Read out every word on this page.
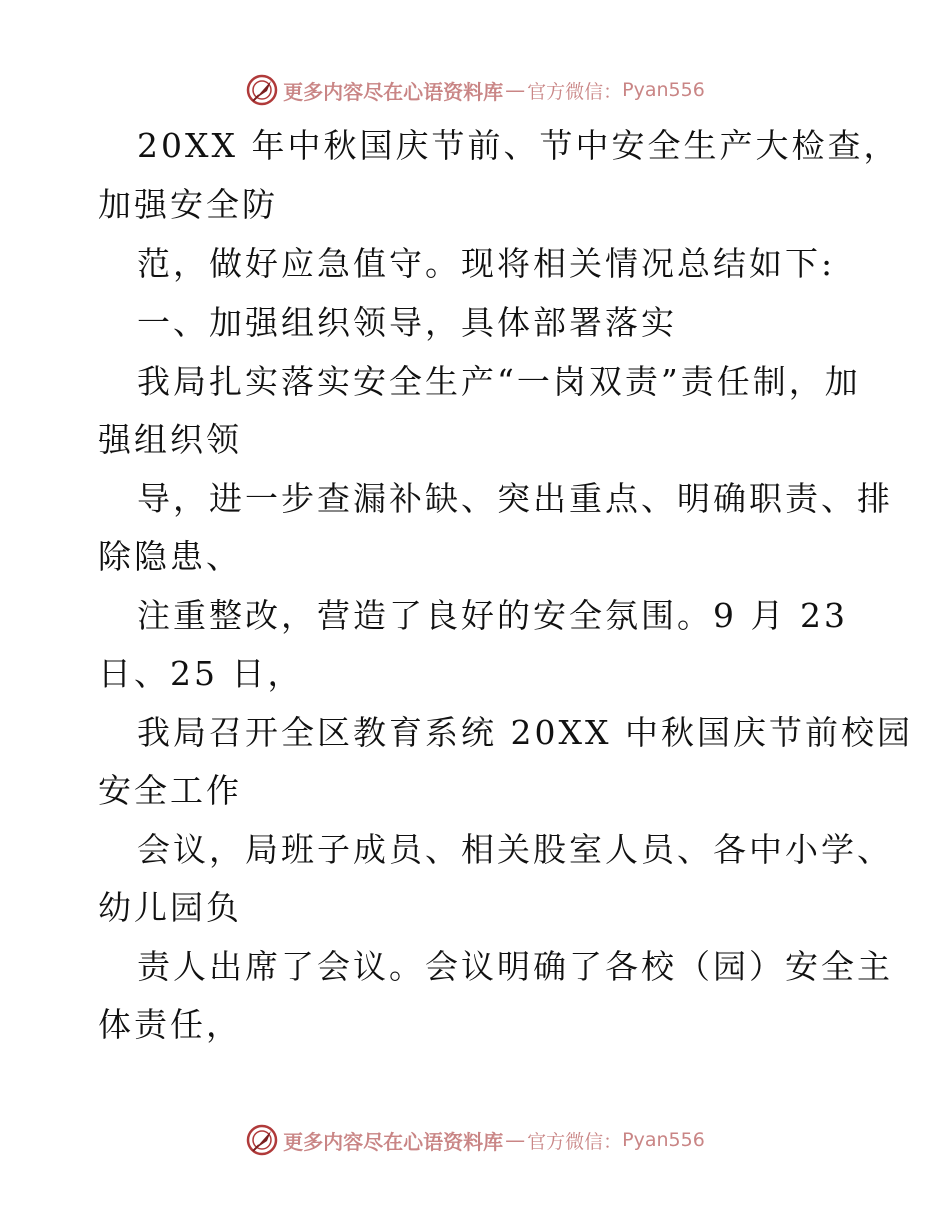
更多内容尽在心语资料库 — 官方微信： Pyan556
20XX 年中秋国庆节前、节中安全生产大检查，
加强安全防
范，做好应急值守。现将相关情况总结如下:
一、加强组织领导，具体部署落实
我局扎实落实安全生产“一岗双责”责任制，加
强组织领
导，进一步查漏补缺、突出重点、明确职责、排
除隐患、
注重整改，营造了良好的安全氛围。9 月 23
日、25 日，
我局召开全区教育系统 20XX 中秋国庆节前校园
安全工作
会议，局班子成员、相关股室人员、各中小学、
幼儿园负
责人出席了会议。会议明确了各校（园）安全主
体责任，
更多内容尽在心语资料库 — 官方微信： Pyan556
